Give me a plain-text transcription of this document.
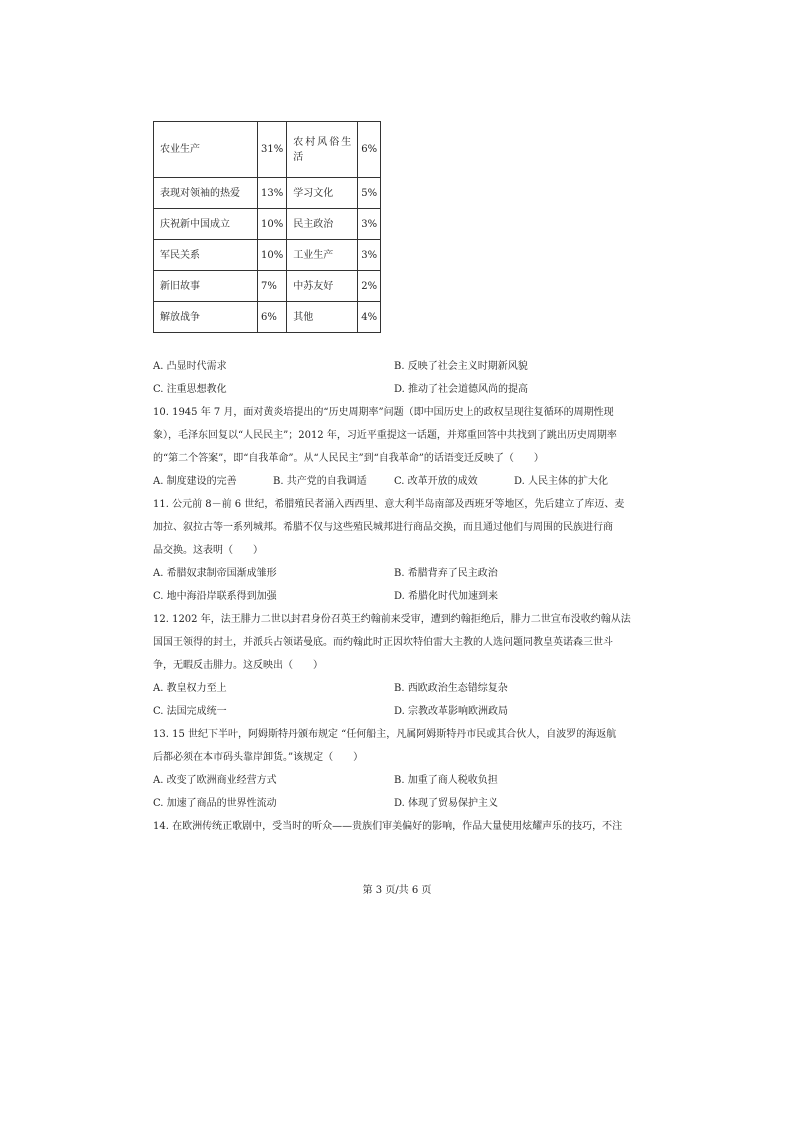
农业生产	31%	农村风俗生活	6%
表现对领袖的热爱	13%	学习文化	5%
庆祝新中国成立	10%	民主政治	3%
军民关系	10%	工业生产	3%
新旧故事	7%	中苏友好	2%
解放战争	6%	其他	4%
A. 凸显时代需求	B. 反映了社会主义时期新风貌
C. 注重思想教化	D. 推动了社会道德风尚的提高
10. 1945 年 7 月，面对黄炎培提出的“历史周期率”问题（即中国历史上的政权呈现往复循环的周期性现
象），毛泽东回复以“人民民主”；2012 年，习近平重提这一话题，并郑重回答中共找到了跳出历史周期率
的“第二个答案”，即“自我革命”。从“人民民主”到“自我革命”的话语变迁反映了（　　）
A. 制度建设的完善	B. 共产党的自我调适	C. 改革开放的成效	D. 人民主体的扩大化
11. 公元前 8－前 6 世纪，希腊殖民者涌入西西里、意大利半岛南部及西班牙等地区，先后建立了库迈、麦
加拉、叙拉古等一系列城邦。希腊不仅与这些殖民城邦进行商品交换，而且通过他们与周围的民族进行商
品交换。这表明（　　）
A. 希腊奴隶制帝国渐成雏形	B. 希腊背弃了民主政治
C. 地中海沿岸联系得到加强	D. 希腊化时代加速到来
12. 1202 年，法王腓力二世以封君身份召英王约翰前来受审，遭到约翰拒绝后，腓力二世宣布没收约翰从法
国国王领得的封土，并派兵占领诺曼底。而约翰此时正因坎特伯雷大主教的人选问题同教皇英诺森三世斗
争，无暇反击腓力。这反映出（　　）
A. 教皇权力至上	B. 西欧政治生态错综复杂
C. 法国完成统一	D. 宗教改革影响欧洲政局
13. 15 世纪下半叶，阿姆斯特丹颁布规定 “任何船主，凡属阿姆斯特丹市民或其合伙人，自波罗的海返航
后都必须在本市码头靠岸卸货。”该规定（　　）
A. 改变了欧洲商业经营方式	B. 加重了商人税收负担
C. 加速了商品的世界性流动	D. 体现了贸易保护主义
14. 在欧洲传统正歌剧中，受当时的听众——贵族们审美偏好的影响，作品大量使用炫耀声乐的技巧，不注
第 3 页/共 6 页
